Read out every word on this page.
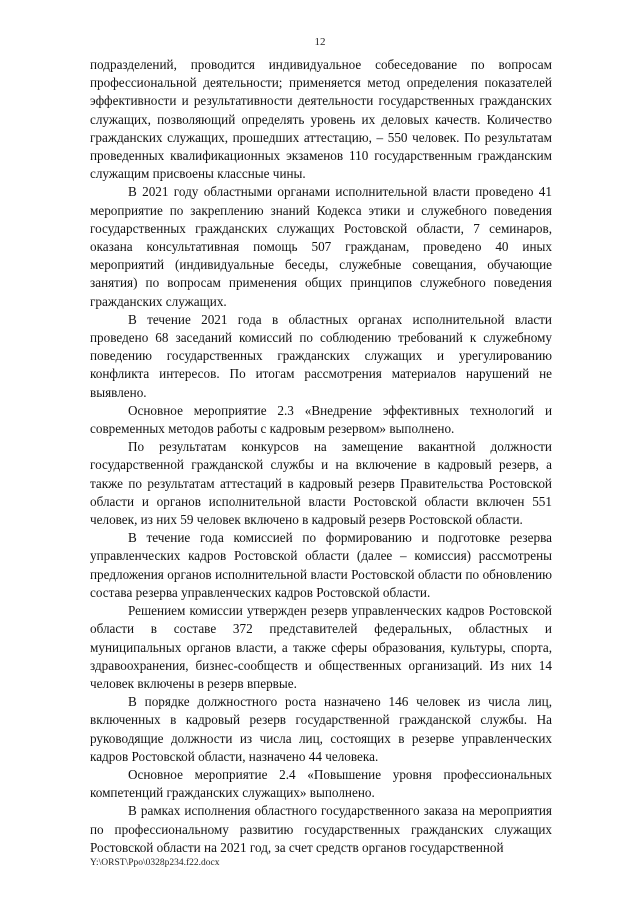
12

подразделений, проводится индивидуальное собеседование по вопросам профессиональной деятельности; применяется метод определения показателей эффективности и результативности деятельности государственных гражданских служащих, позволяющий определять уровень их деловых качеств. Количество гражданских служащих, прошедших аттестацию, – 550 человек. По результатам проведенных квалификационных экзаменов 110 государственным гражданским служащим присвоены классные чины.

В 2021 году областными органами исполнительной власти проведено 41 мероприятие по закреплению знаний Кодекса этики и служебного поведения государственных гражданских служащих Ростовской области, 7 семинаров, оказана консультативная помощь 507 гражданам, проведено 40 иных мероприятий (индивидуальные беседы, служебные совещания, обучающие занятия) по вопросам применения общих принципов служебного поведения гражданских служащих.

В течение 2021 года в областных органах исполнительной власти проведено 68 заседаний комиссий по соблюдению требований к служебному поведению государственных гражданских служащих и урегулированию конфликта интересов. По итогам рассмотрения материалов нарушений не выявлено.

Основное мероприятие 2.3 «Внедрение эффективных технологий и современных методов работы с кадровым резервом» выполнено.

По результатам конкурсов на замещение вакантной должности государственной гражданской службы и на включение в кадровый резерв, а также по результатам аттестаций в кадровый резерв Правительства Ростовской области и органов исполнительной власти Ростовской области включен 551 человек, из них 59 человек включено в кадровый резерв Ростовской области.

В течение года комиссией по формированию и подготовке резерва управленческих кадров Ростовской области (далее – комиссия) рассмотрены предложения органов исполнительной власти Ростовской области по обновлению состава резерва управленческих кадров Ростовской области.

Решением комиссии утвержден резерв управленческих кадров Ростовской области в составе 372 представителей федеральных, областных и муниципальных органов власти, а также сферы образования, культуры, спорта, здравоохранения, бизнес-сообществ и общественных организаций. Из них 14 человек включены в резерв впервые.

В порядке должностного роста назначено 146 человек из числа лиц, включенных в кадровый резерв государственной гражданской службы. На руководящие должности из числа лиц, состоящих в резерве управленческих кадров Ростовской области, назначено 44 человека.

Основное мероприятие 2.4 «Повышение уровня профессиональных компетенций гражданских служащих» выполнено.

В рамках исполнения областного государственного заказа на мероприятия по профессиональному развитию государственных гражданских служащих Ростовской области на 2021 год, за счет средств органов государственной

Y:\ORST\Ppo\0328p234.f22.docx
